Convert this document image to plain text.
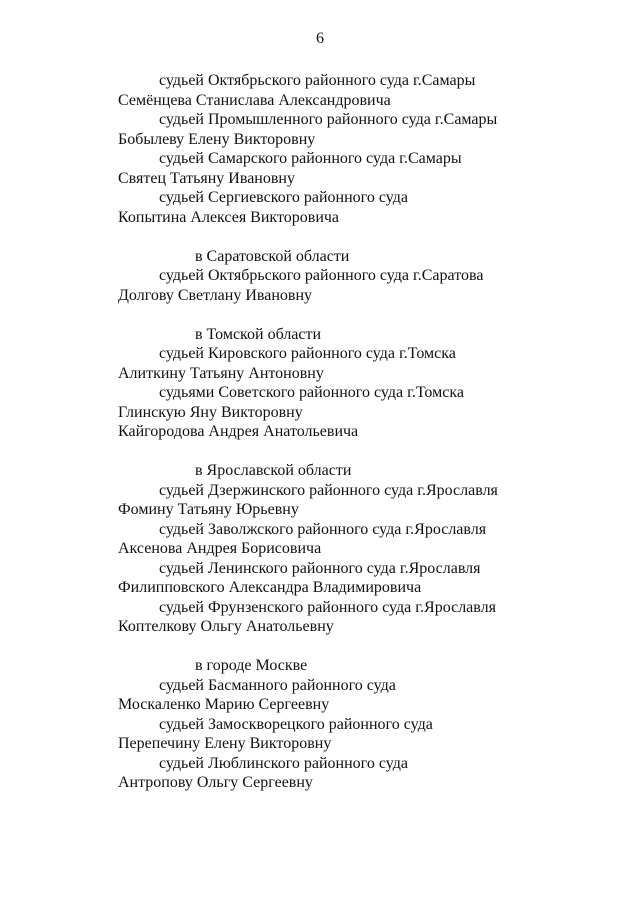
6
судьей Октябрьского районного суда г.Самары
Семёнцева Станислава Александровича
судьей Промышленного районного суда г.Самары
Бобылеву Елену Викторовну
судьей Самарского районного суда г.Самары
Святец Татьяну Ивановну
судьей Сергиевского районного суда
Копытина Алексея Викторовича
в Саратовской области
судьей Октябрьского районного суда г.Саратова
Долгову Светлану Ивановну
в Томской области
судьей Кировского районного суда г.Томска
Алиткину Татьяну Антоновну
судьями Советского районного суда г.Томска
Глинскую Яну Викторовну
Кайгородова Андрея Анатольевича
в Ярославской области
судьей Дзержинского районного суда г.Ярославля
Фомину Татьяну Юрьевну
судьей Заволжского районного суда г.Ярославля
Аксенова Андрея Борисовича
судьей Ленинского районного суда г.Ярославля
Филипповского Александра Владимировича
судьей Фрунзенского районного суда г.Ярославля
Коптелкову Ольгу Анатольевну
в городе Москве
судьей Басманного районного суда
Москаленко Марию Сергеевну
судьей Замоскворецкого районного суда
Перепечину Елену Викторовну
судьей Люблинского районного суда
Антропову Ольгу Сергеевну
